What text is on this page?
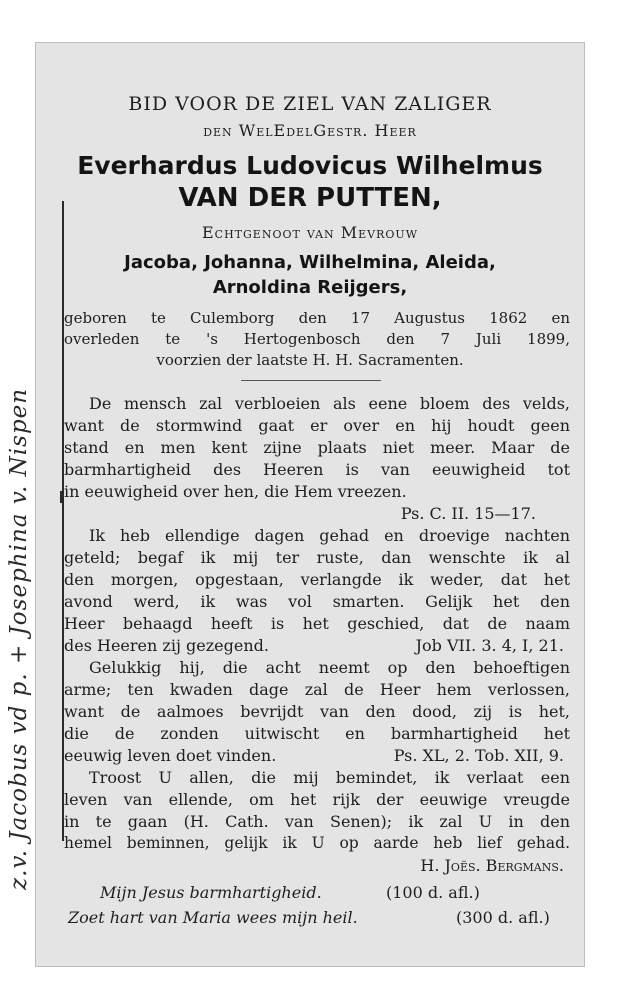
BID VOOR DE ZIEL VAN ZALIGER
den WelEdelGestr. Heer
Everhardus Ludovicus Wilhelmus
VAN DER PUTTEN,
Echtgenoot van Mevrouw
Jacoba, Johanna, Wilhelmina, Aleida,
Arnoldina Reijgers,
geboren te Culemborg den 17 Augustus 1862 en
overleden te 's Hertogenbosch den 7 Juli 1899,
voorzien der laatste H. H. Sacramenten.
De mensch zal verbloeien als eene bloem des velds,
want de stormwind gaat er over en hij houdt geen
stand en men kent zijne plaats niet meer. Maar de
barmhartigheid des Heeren is van eeuwigheid tot
in eeuwigheid over hen, die Hem vreezen.
Ps. C. II. 15—17.
Ik heb ellendige dagen gehad en droevige nachten
geteld; begaf ik mij ter ruste, dan wenschte ik al
den morgen, opgestaan, verlangde ik weder, dat het
avond werd, ik was vol smarten. Gelijk het den
Heer behaagd heeft is het geschied, dat de naam
des Heeren zij gezegend.	Job VII. 3. 4, I, 21.
Gelukkig hij, die acht neemt op den behoeftigen
arme; ten kwaden dage zal de Heer hem verlossen,
want de aalmoes bevrijdt van den dood, zij is het,
die de zonden uitwischt en barmhartigheid het
eeuwig leven doet vinden.	Ps. XL, 2. Tob. XII, 9.
Troost U allen, die mij bemindet, ik verlaat een
leven van ellende, om het rijk der eeuwige vreugde
in te gaan (H. Cath. van Senen); ik zal U in den
hemel beminnen, gelijk ik U op aarde heb lief gehad.
H. Joës. Bergmans.
Mijn Jesus barmhartigheid.	(100 d. afl.)
Zoet hart van Maria wees mijn heil.	(300 d. afl.)
z.v. Jacobus vd p. + Josephina v. Nispen
